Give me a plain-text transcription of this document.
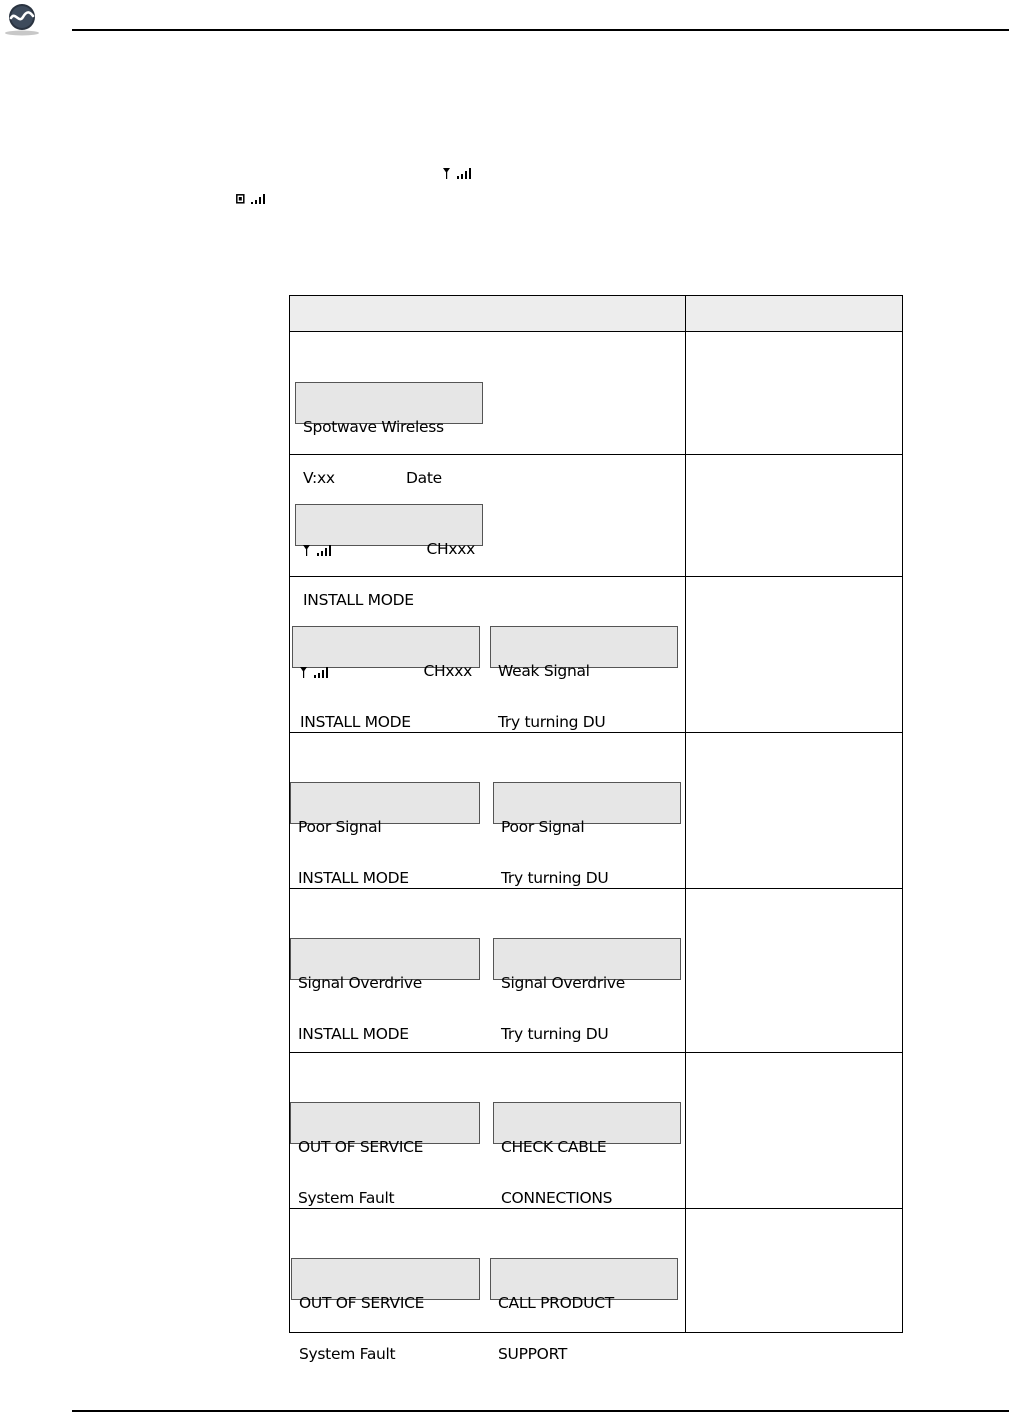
Spotwave Wireless

V:xx Date	

CHxxx

INSTALL MODE	

CHxxx

INSTALL MODE

Weak Signal

Try turning DU	

Poor Signal

INSTALL MODE

Poor Signal

Try turning DU	

Signal Overdrive

INSTALL MODE

Signal Overdrive

Try turning DU	

OUT OF SERVICE

System Fault

CHECK CABLE

CONNECTIONS	

OUT OF SERVICE

System Fault

CALL PRODUCT

SUPPORT	
